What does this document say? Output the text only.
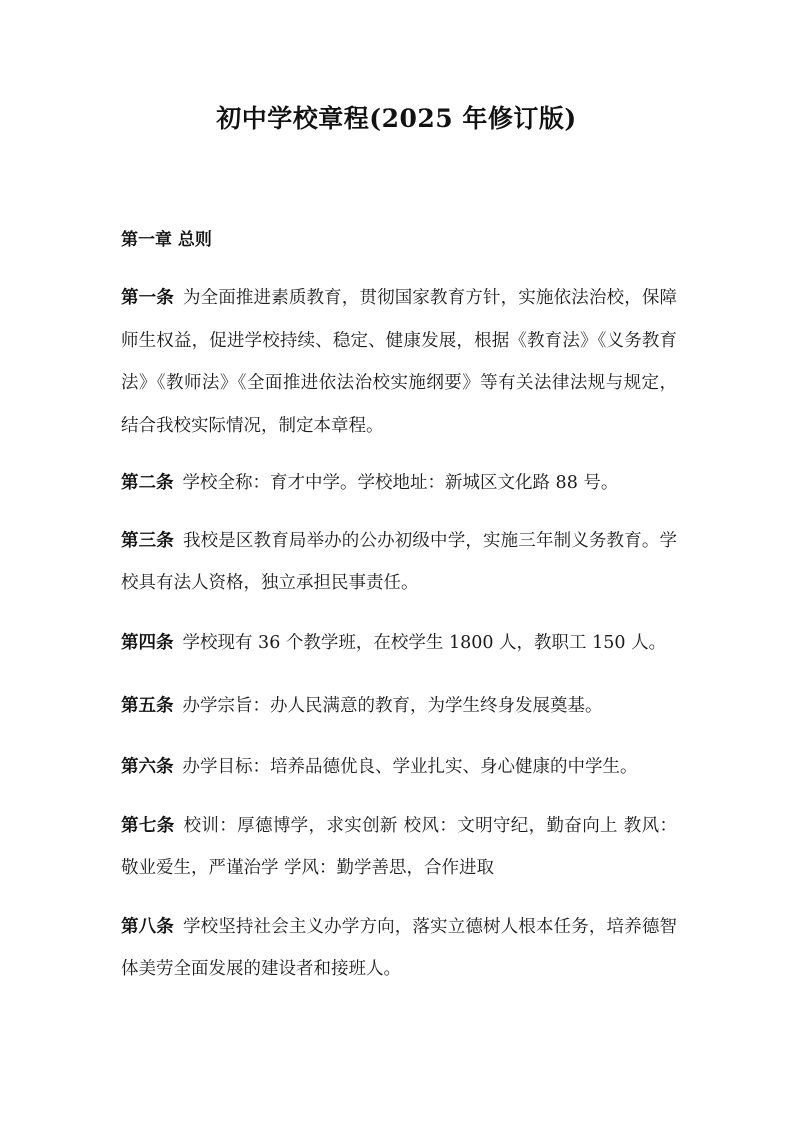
初中学校章程(2025 年修订版)
第一章 总则

第一条 为全面推进素质教育，贯彻国家教育方针，实施依法治校，保障师生权益，促进学校持续、稳定、健康发展，根据《教育法》《义务教育法》《教师法》《全面推进依法治校实施纲要》等有关法律法规与规定，结合我校实际情况，制定本章程。

第二条 学校全称：育才中学。学校地址：新城区文化路 88 号。

第三条 我校是区教育局举办的公办初级中学，实施三年制义务教育。学校具有法人资格，独立承担民事责任。

第四条 学校现有 36 个教学班，在校学生 1800 人，教职工 150 人。

第五条 办学宗旨：办人民满意的教育，为学生终身发展奠基。

第六条 办学目标：培养品德优良、学业扎实、身心健康的中学生。

第七条 校训：厚德博学，求实创新 校风：文明守纪，勤奋向上 教风：敬业爱生，严谨治学 学风：勤学善思，合作进取

第八条 学校坚持社会主义办学方向，落实立德树人根本任务，培养德智体美劳全面发展的建设者和接班人。
